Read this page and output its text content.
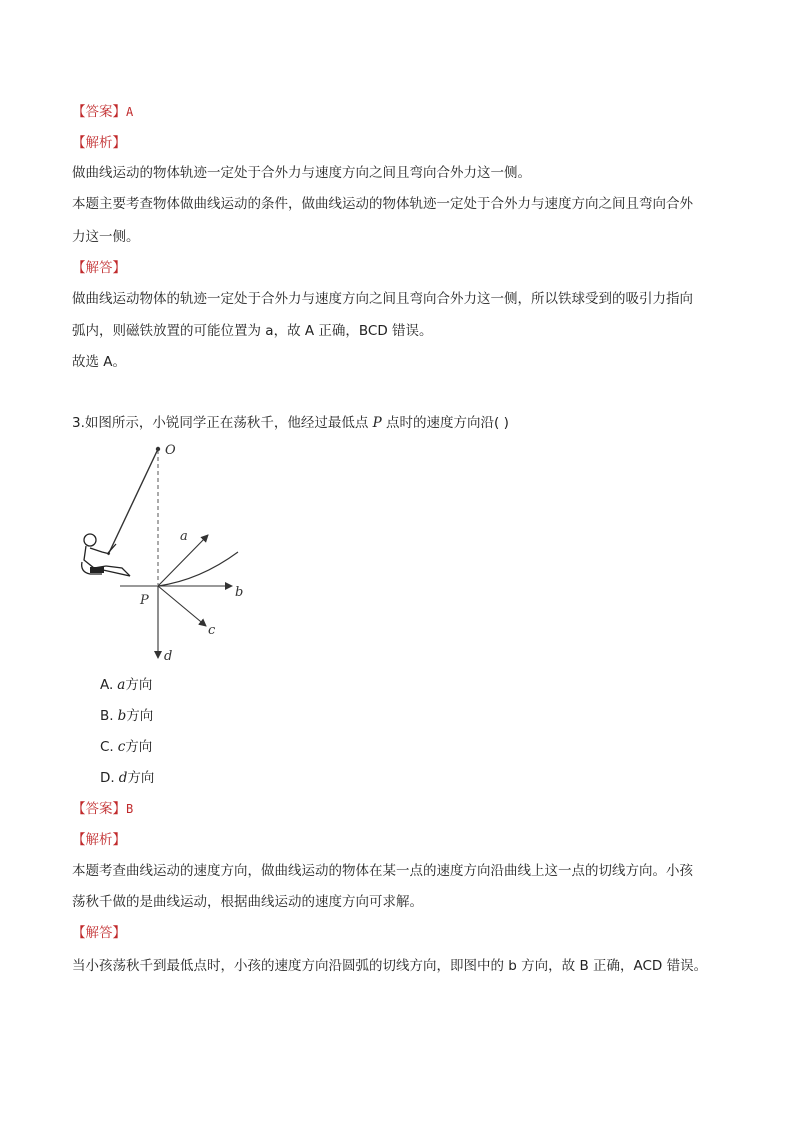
【答案】A
【解析】
做曲线运动的物体轨迹一定处于合外力与速度方向之间且弯向合外力这一侧。
本题主要考查物体做曲线运动的条件，做曲线运动的物体轨迹一定处于合外力与速度方向之间且弯向合外
力这一侧。
【解答】
做曲线运动物体的轨迹一定处于合外力与速度方向之间且弯向合外力这一侧，所以铁球受到的吸引力指向
弧内，则磁铁放置的可能位置为 a，故 A 正确，BCD 错误。
故选 A。
3.如图所示，小锐同学正在荡秋千，他经过最低点 P 点时的速度方向沿( )
O
a
b
c
d
P
A. a方向
B. b方向
C. c方向
D. d方向
【答案】B
【解析】
本题考查曲线运动的速度方向，做曲线运动的物体在某一点的速度方向沿曲线上这一点的切线方向。小孩
荡秋千做的是曲线运动，根据曲线运动的速度方向可求解。
【解答】
当小孩荡秋千到最低点时，小孩的速度方向沿圆弧的切线方向，即图中的 b 方向，故 B 正确，ACD 错误。
